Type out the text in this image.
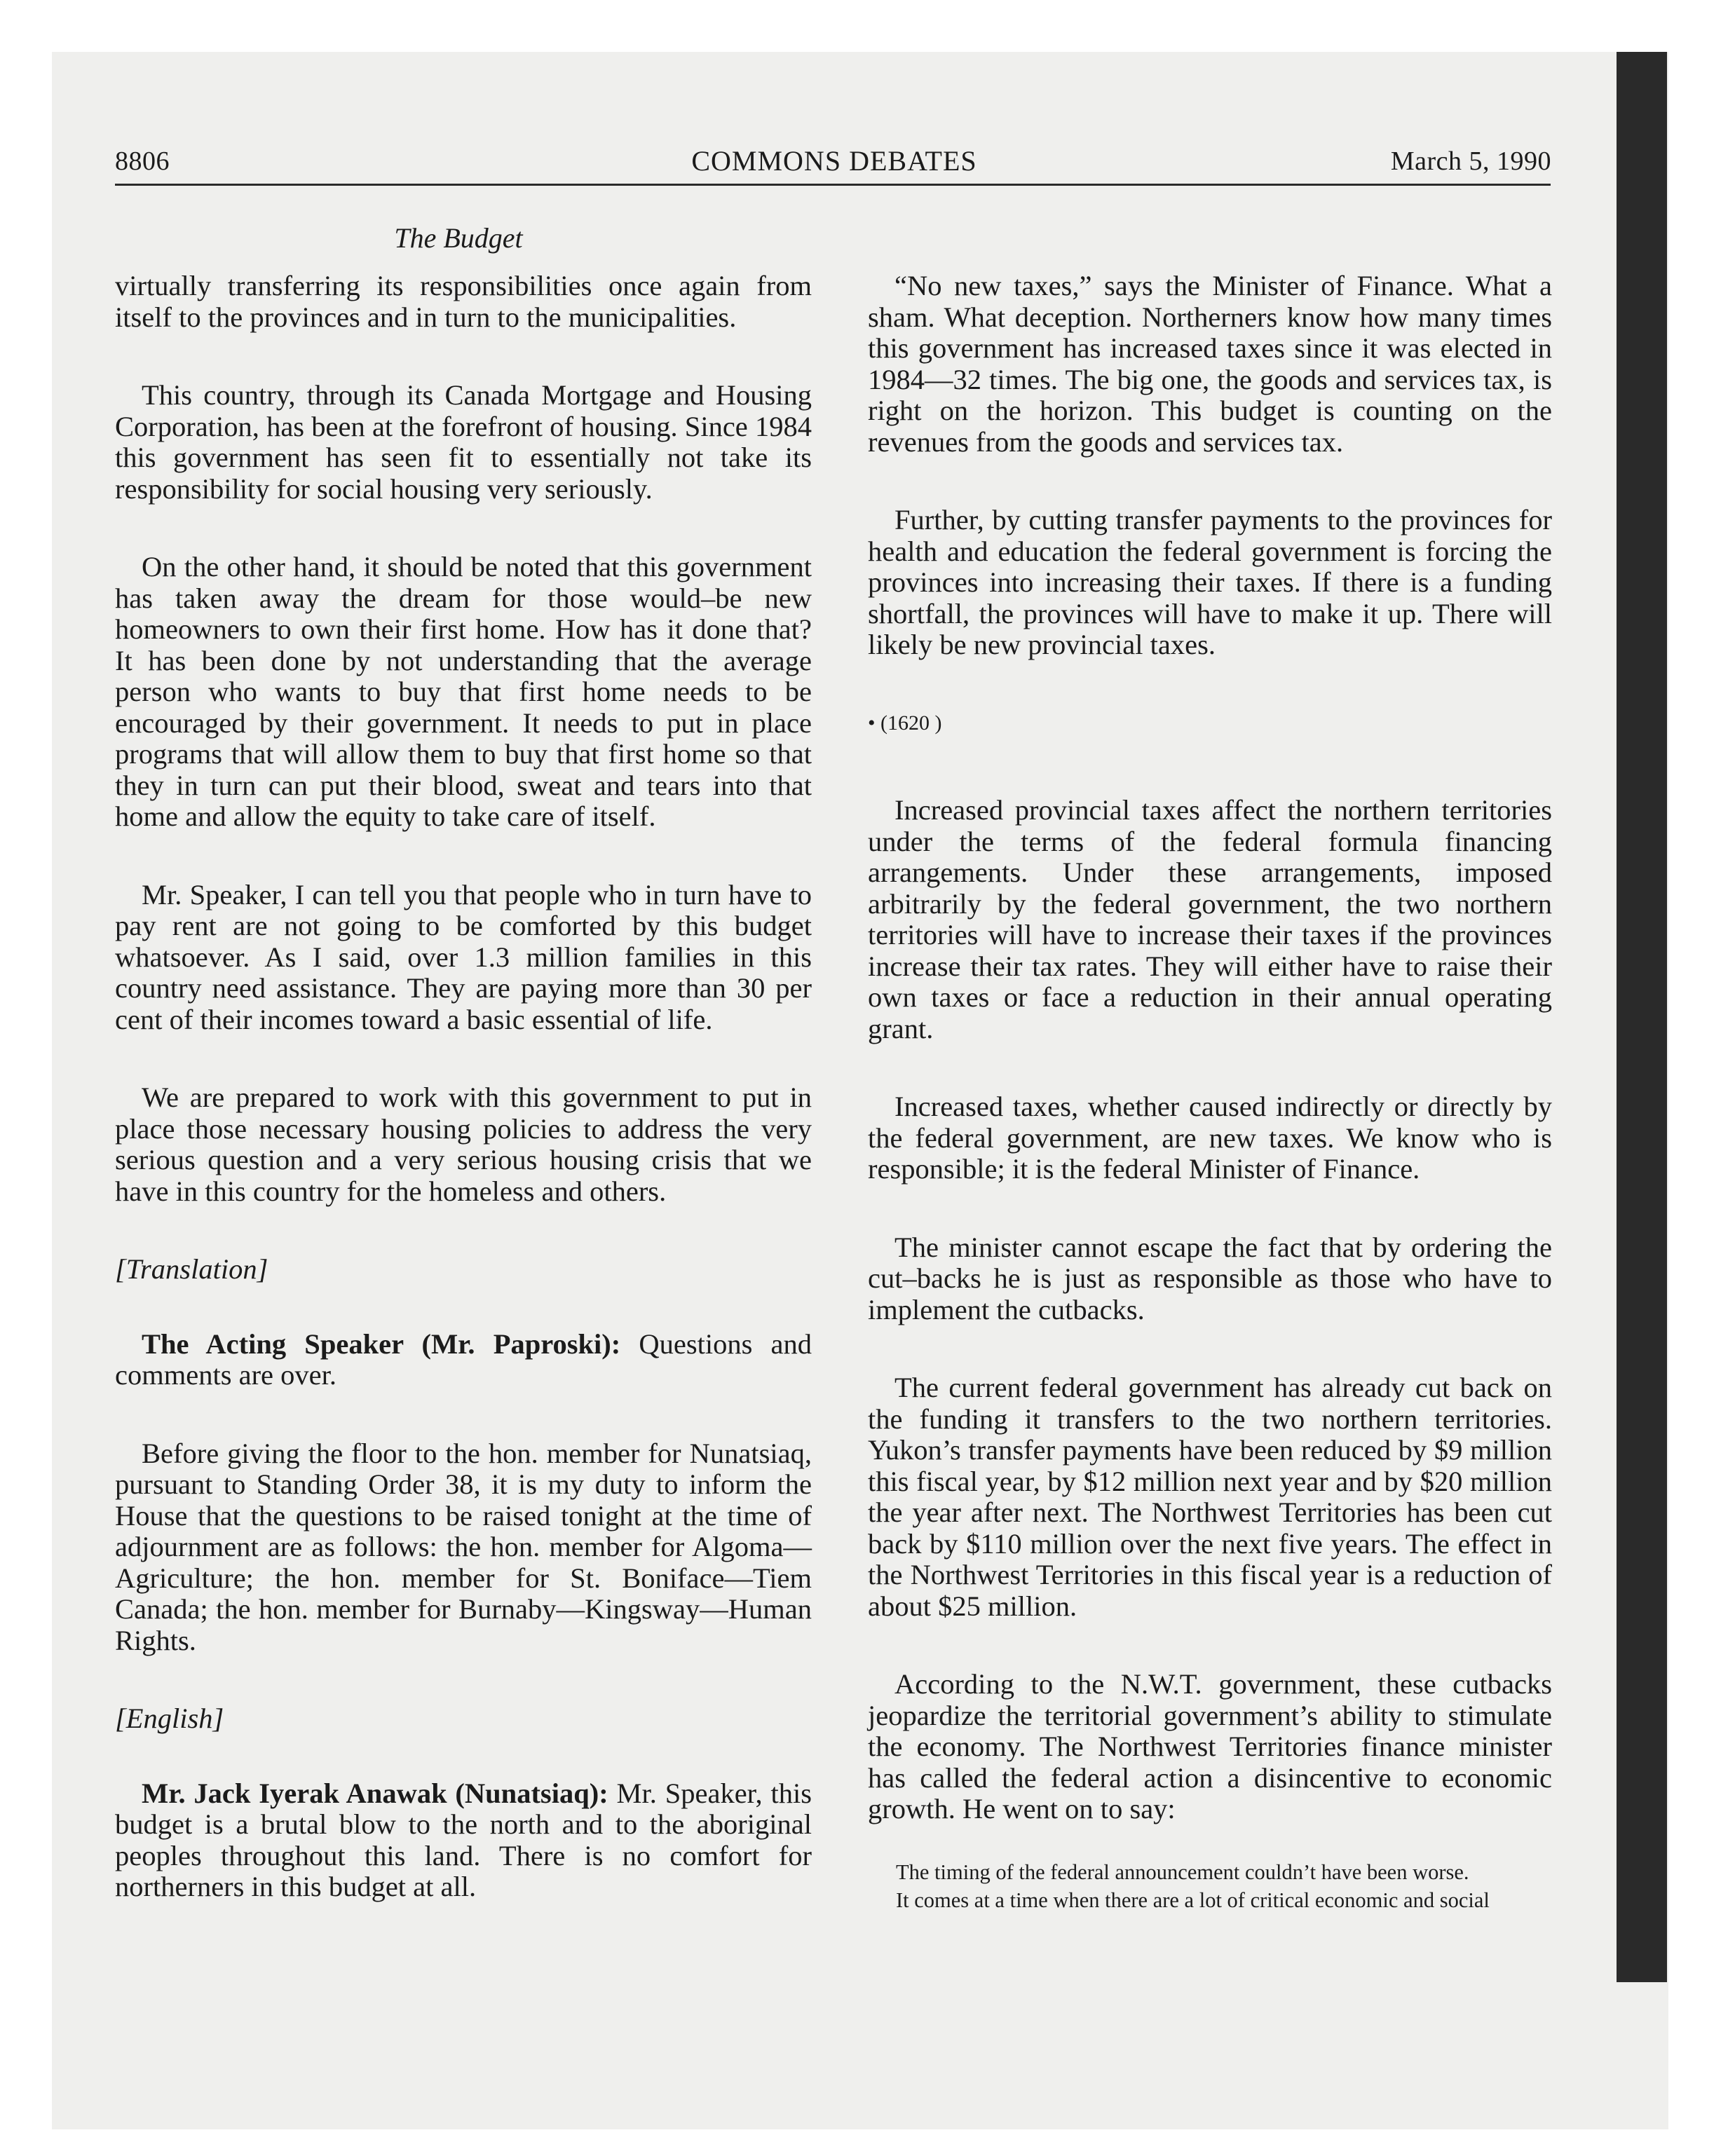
8806	COMMONS DEBATES	March 5, 1990
The Budget

virtually transferring its responsibilities once again from itself to the provinces and in turn to the municipalities.

This country, through its Canada Mortgage and Housing Corporation, has been at the forefront of housing. Since 1984 this government has seen fit to essentially not take its responsibility for social housing very seriously.

On the other hand, it should be noted that this government has taken away the dream for those would–be new homeowners to own their first home. How has it done that? It has been done by not understanding that the average person who wants to buy that first home needs to be encouraged by their government. It needs to put in place programs that will allow them to buy that first home so that they in turn can put their blood, sweat and tears into that home and allow the equity to take care of itself.

Mr. Speaker, I can tell you that people who in turn have to pay rent are not going to be comforted by this budget whatsoever. As I said, over 1.3 million families in this country need assistance. They are paying more than 30 per cent of their incomes toward a basic essential of life.

We are prepared to work with this government to put in place those necessary housing policies to address the very serious question and a very serious housing crisis that we have in this country for the homeless and others.

[Translation]

The Acting Speaker (Mr. Paproski): Questions and comments are over.

Before giving the floor to the hon. member for Nunatsiaq, pursuant to Standing Order 38, it is my duty to inform the House that the questions to be raised tonight at the time of adjournment are as follows: the hon. member for Algoma—Agriculture; the hon. member for St. Boniface—Tiem Canada; the hon. member for Burnaby—Kingsway—Human Rights.

[English]

Mr. Jack Iyerak Anawak (Nunatsiaq): Mr. Speaker, this budget is a brutal blow to the north and to the aboriginal peoples throughout this land. There is no comfort for northerners in this budget at all.

“No new taxes,” says the Minister of Finance. What a sham. What deception. Northerners know how many times this government has increased taxes since it was elected in 1984—32 times. The big one, the goods and services tax, is right on the horizon. This budget is counting on the revenues from the goods and services tax.

Further, by cutting transfer payments to the provinces for health and education the federal government is forcing the provinces into increasing their taxes. If there is a funding shortfall, the provinces will have to make it up. There will likely be new provincial taxes.

• (1620 )

Increased provincial taxes affect the northern territories under the terms of the federal formula financing arrangements. Under these arrangements, imposed arbitrarily by the federal government, the two northern territories will have to increase their taxes if the provinces increase their tax rates. They will either have to raise their own taxes or face a reduction in their annual operating grant.

Increased taxes, whether caused indirectly or directly by the federal government, are new taxes. We know who is responsible; it is the federal Minister of Finance.

The minister cannot escape the fact that by ordering the cut–backs he is just as responsible as those who have to implement the cutbacks.

The current federal government has already cut back on the funding it transfers to the two northern territories. Yukon’s transfer payments have been reduced by $9 million this fiscal year, by $12 million next year and by $20 million the year after next. The Northwest Territories has been cut back by $110 million over the next five years. The effect in the Northwest Territories in this fiscal year is a reduction of about $25 million.

According to the N.W.T. government, these cutbacks jeopardize the territorial government’s ability to stimulate the economy. The Northwest Territories finance minister has called the federal action a disincentive to economic growth. He went on to say:

The timing of the federal announcement couldn’t have been worse.
It comes at a time when there are a lot of critical economic and social
